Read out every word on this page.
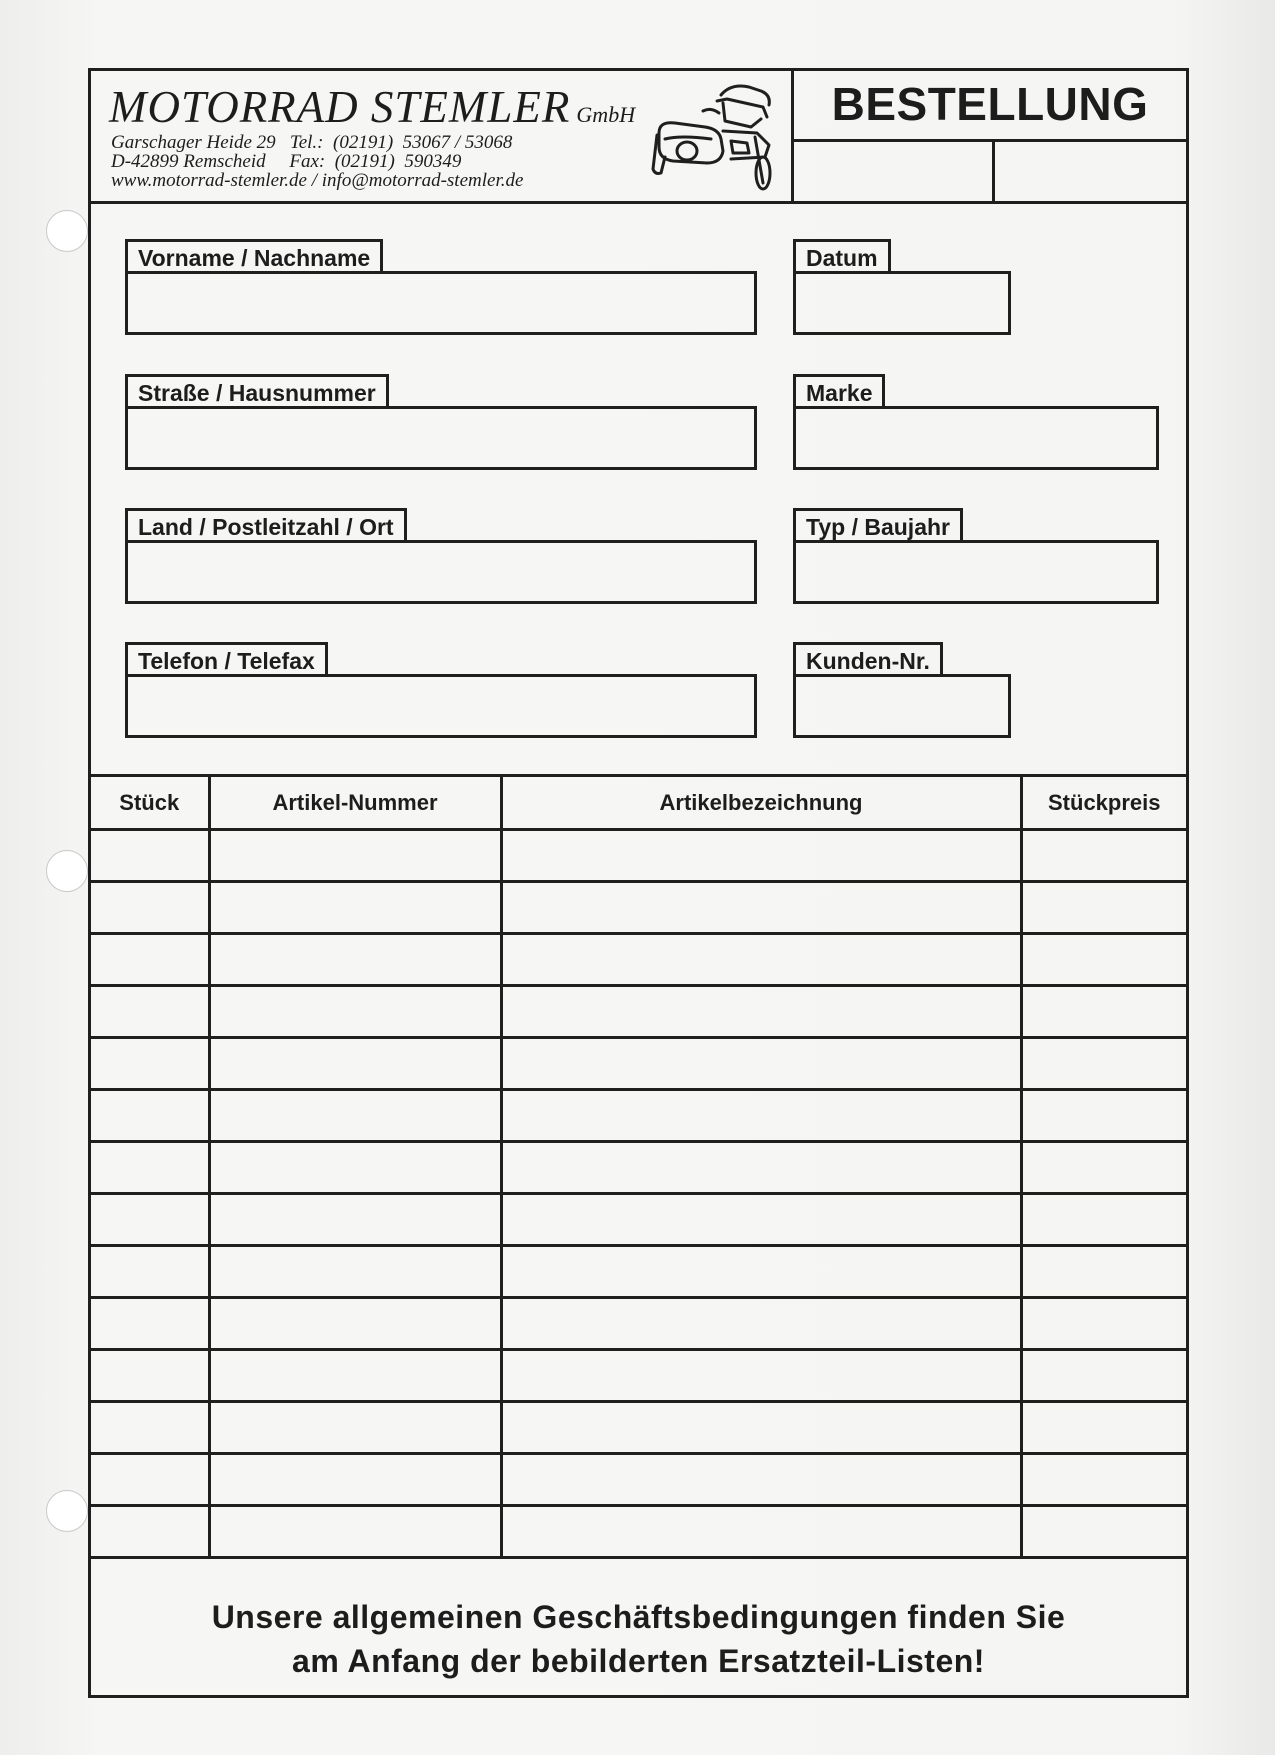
MOTORRAD STEMLER GmbH
Garschager Heide 29   Tel.:  (02191)  53067 / 53068
D-42899 Remscheid     Fax:  (02191)  590349
www.motorrad-stemler.de / info@motorrad-stemler.de
BESTELLUNG
Vorname / Nachname	Datum
Straße / Hausnummer	Marke
Land / Postleitzahl / Ort	Typ / Baujahr
Telefon / Telefax	Kunden-Nr.
Stück	Artikel-Nummer	Artikelbezeichnung	Stückpreis

Unsere allgemeinen Geschäftsbedingungen finden Sie
am Anfang der bebilderten Ersatzteil-Listen!
